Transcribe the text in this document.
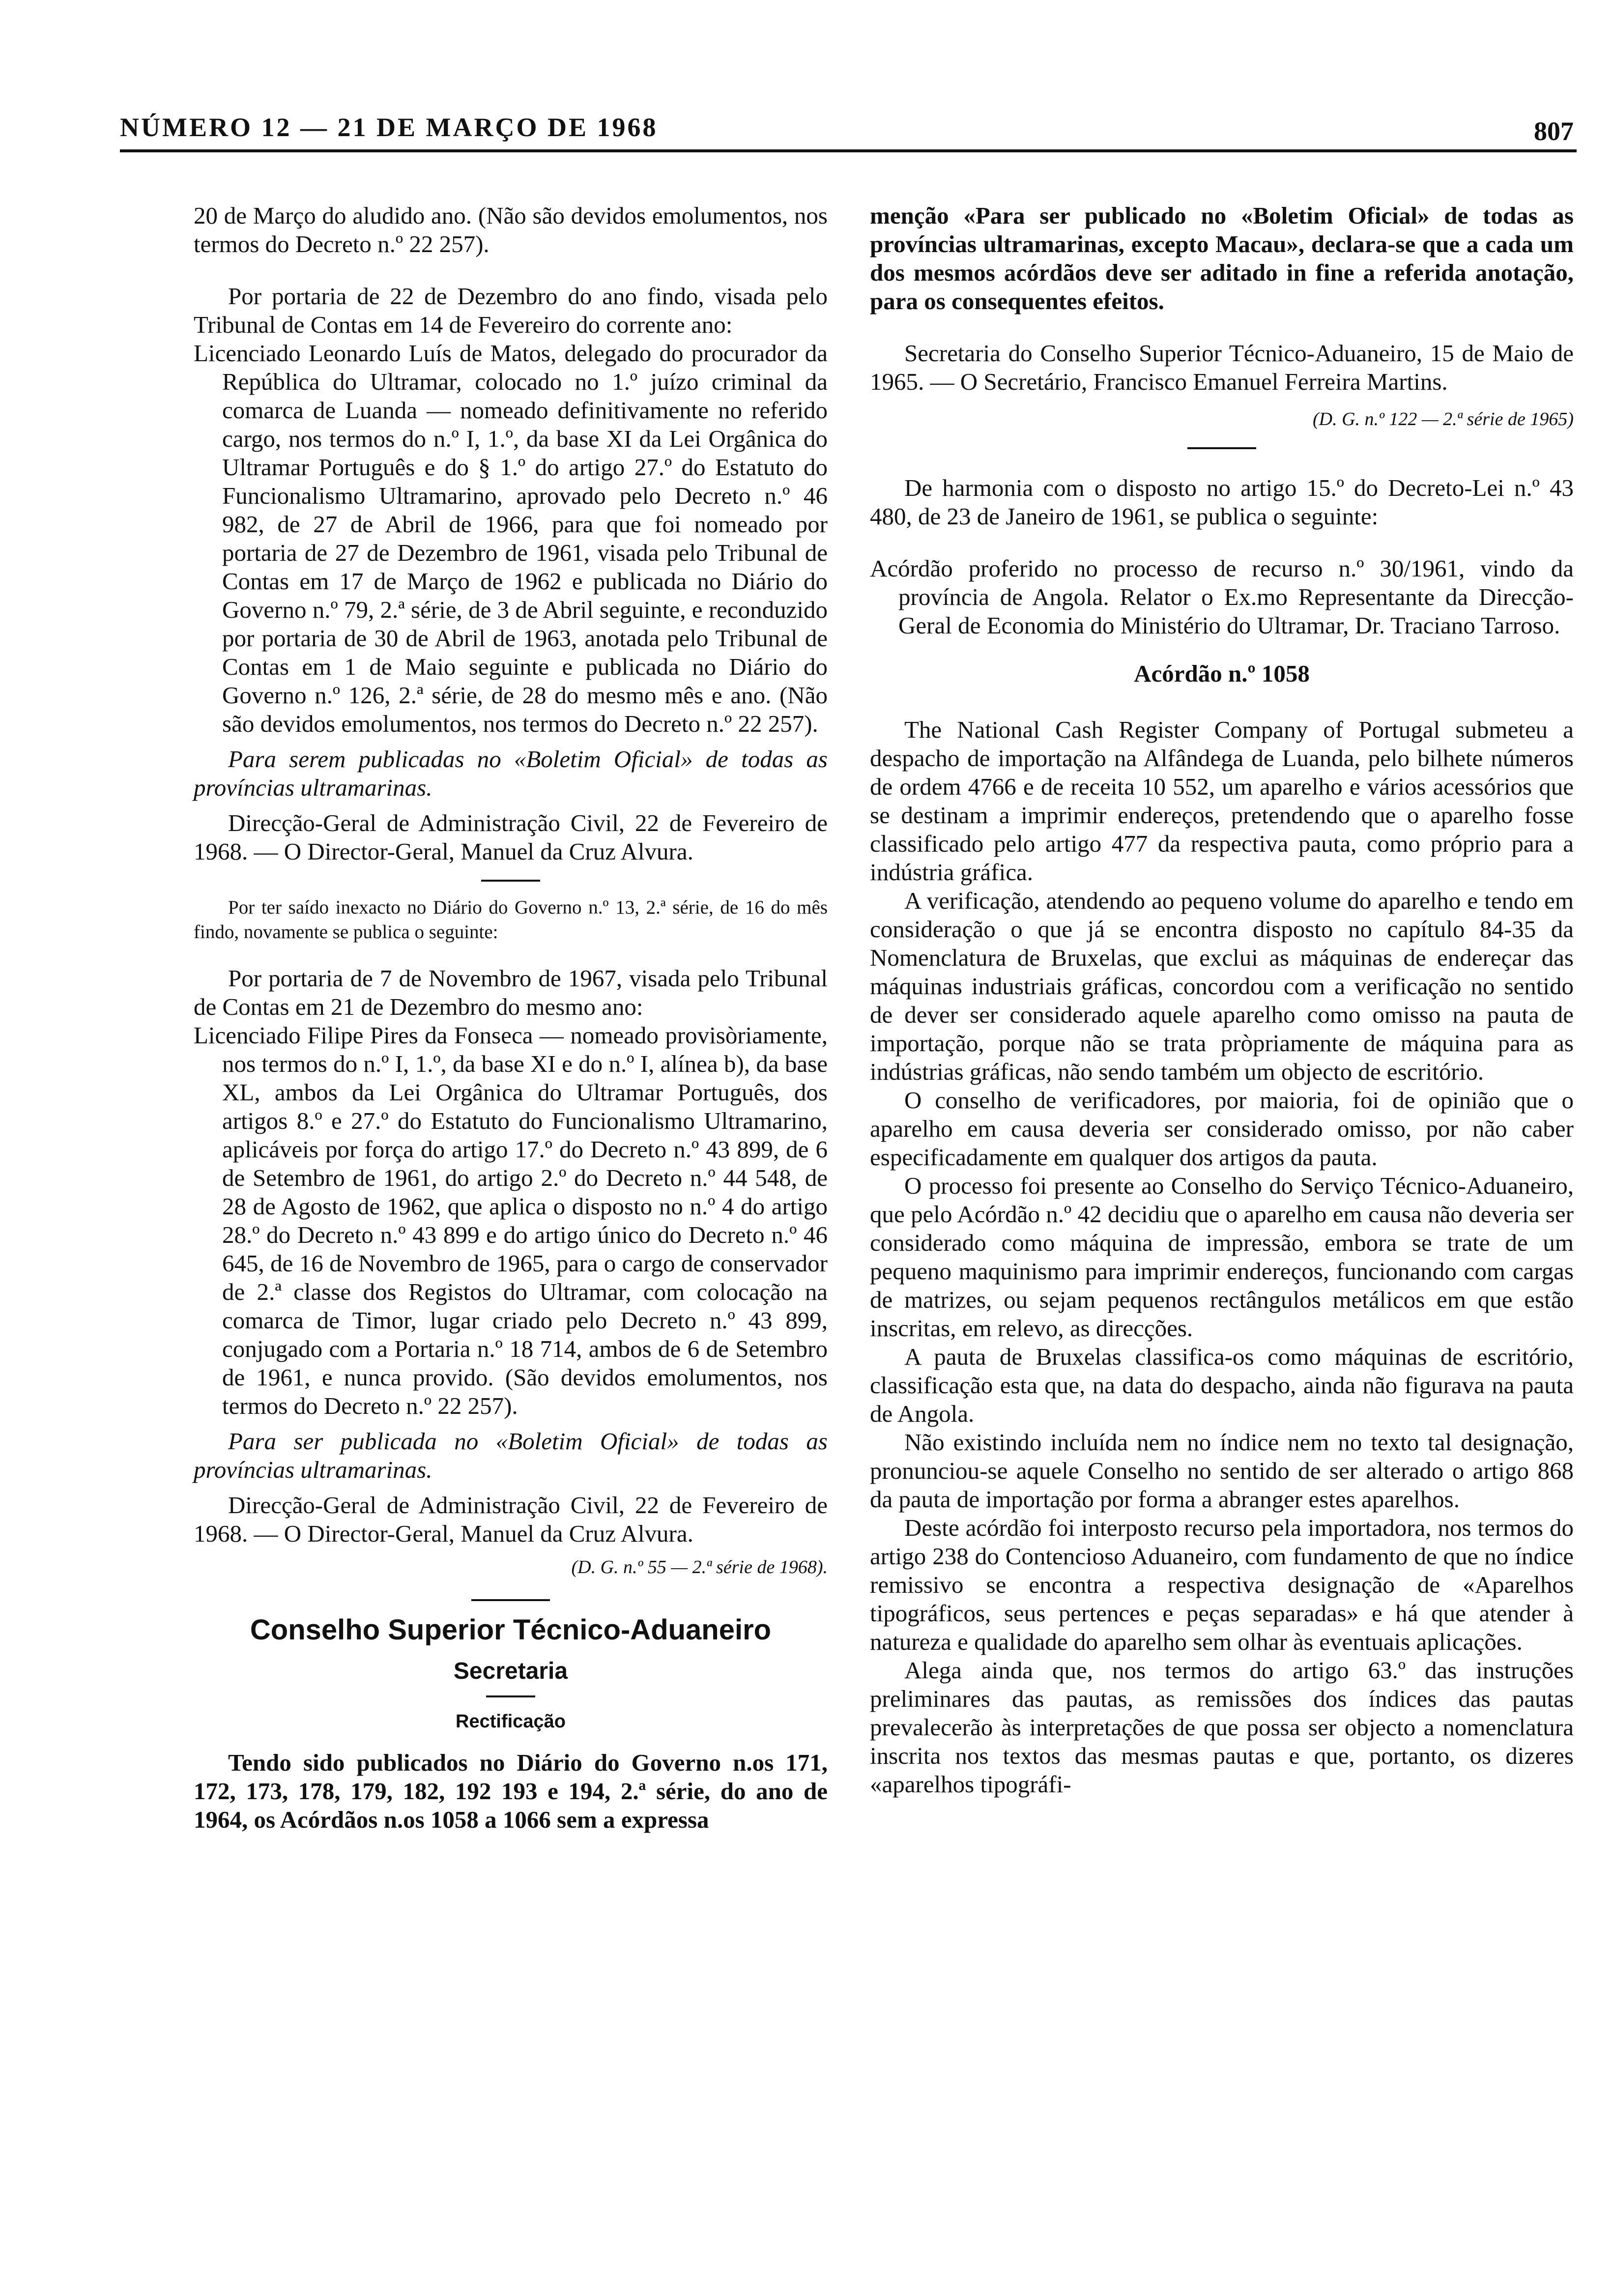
NÚMERO 12 — 21 DE MARÇO DE 1968	807

20 de Março do aludido ano. (Não são devidos emolumentos, nos termos do Decreto n.º 22 257).

Por portaria de 22 de Dezembro do ano findo, visada pelo Tribunal de Contas em 14 de Fevereiro do corrente ano:

Licenciado Leonardo Luís de Matos, delegado do procurador da República do Ultramar, colocado no 1.º juízo criminal da comarca de Luanda — nomeado definitivamente no referido cargo, nos termos do n.º I, 1.º, da base XI da Lei Orgânica do Ultramar Português e do § 1.º do artigo 27.º do Estatuto do Funcionalismo Ultramarino, aprovado pelo Decreto n.º 46 982, de 27 de Abril de 1966, para que foi nomeado por portaria de 27 de Dezembro de 1961, visada pelo Tribunal de Contas em 17 de Março de 1962 e publicada no Diário do Governo n.º 79, 2.ª série, de 3 de Abril seguinte, e reconduzido por portaria de 30 de Abril de 1963, anotada pelo Tribunal de Contas em 1 de Maio seguinte e publicada no Diário do Governo n.º 126, 2.ª série, de 28 do mesmo mês e ano. (Não são devidos emolumentos, nos termos do Decreto n.º 22 257).

Para serem publicadas no «Boletim Oficial» de todas as províncias ultramarinas.

Direcção-Geral de Administração Civil, 22 de Fevereiro de 1968. — O Director-Geral, Manuel da Cruz Alvura.

Por ter saído inexacto no Diário do Governo n.º 13, 2.ª série, de 16 do mês findo, novamente se publica o seguinte:

Por portaria de 7 de Novembro de 1967, visada pelo Tribunal de Contas em 21 de Dezembro do mesmo ano:

Licenciado Filipe Pires da Fonseca — nomeado provisòriamente, nos termos do n.º I, 1.º, da base XI e do n.º I, alínea b), da base XL, ambos da Lei Orgânica do Ultramar Português, dos artigos 8.º e 27.º do Estatuto do Funcionalismo Ultramarino, aplicáveis por força do artigo 17.º do Decreto n.º 43 899, de 6 de Setembro de 1961, do artigo 2.º do Decreto n.º 44 548, de 28 de Agosto de 1962, que aplica o disposto no n.º 4 do artigo 28.º do Decreto n.º 43 899 e do artigo único do Decreto n.º 46 645, de 16 de Novembro de 1965, para o cargo de conservador de 2.ª classe dos Registos do Ultramar, com colocação na comarca de Timor, lugar criado pelo Decreto n.º 43 899, conjugado com a Portaria n.º 18 714, ambos de 6 de Setembro de 1961, e nunca provido. (São devidos emolumentos, nos termos do Decreto n.º 22 257).

Para ser publicada no «Boletim Oficial» de todas as províncias ultramarinas.

Direcção-Geral de Administração Civil, 22 de Fevereiro de 1968. — O Director-Geral, Manuel da Cruz Alvura.

(D. G. n.º 55 — 2.ª série de 1968).

Conselho Superior Técnico-Aduaneiro

Secretaria

Rectificação

Tendo sido publicados no Diário do Governo n.os 171, 172, 173, 178, 179, 182, 192 193 e 194, 2.ª série, do ano de 1964, os Acórdãos n.os 1058 a 1066 sem a expressa

menção «Para ser publicado no «Boletim Oficial» de todas as províncias ultramarinas, excepto Macau», declara-se que a cada um dos mesmos acórdãos deve ser aditado in fine a referida anotação, para os consequentes efeitos.

Secretaria do Conselho Superior Técnico-Aduaneiro, 15 de Maio de 1965. — O Secretário, Francisco Emanuel Ferreira Martins.

(D. G. n.º 122 — 2.ª série de 1965)

De harmonia com o disposto no artigo 15.º do Decreto-Lei n.º 43 480, de 23 de Janeiro de 1961, se publica o seguinte:

Acórdão proferido no processo de recurso n.º 30/1961, vindo da província de Angola. Relator o Ex.mo Representante da Direcção-Geral de Economia do Ministério do Ultramar, Dr. Traciano Tarroso.

Acórdão n.º 1058

The National Cash Register Company of Portugal submeteu a despacho de importação na Alfândega de Luanda, pelo bilhete números de ordem 4766 e de receita 10 552, um aparelho e vários acessórios que se destinam a imprimir endereços, pretendendo que o aparelho fosse classificado pelo artigo 477 da respectiva pauta, como próprio para a indústria gráfica.

A verificação, atendendo ao pequeno volume do aparelho e tendo em consideração o que já se encontra disposto no capítulo 84-35 da Nomenclatura de Bruxelas, que exclui as máquinas de endereçar das máquinas industriais gráficas, concordou com a verificação no sentido de dever ser considerado aquele aparelho como omisso na pauta de importação, porque não se trata pròpriamente de máquina para as indústrias gráficas, não sendo também um objecto de escritório.

O conselho de verificadores, por maioria, foi de opinião que o aparelho em causa deveria ser considerado omisso, por não caber especificadamente em qualquer dos artigos da pauta.

O processo foi presente ao Conselho do Serviço Técnico-Aduaneiro, que pelo Acórdão n.º 42 decidiu que o aparelho em causa não deveria ser considerado como máquina de impressão, embora se trate de um pequeno maquinismo para imprimir endereços, funcionando com cargas de matrizes, ou sejam pequenos rectângulos metálicos em que estão inscritas, em relevo, as direcções.

A pauta de Bruxelas classifica-os como máquinas de escritório, classificação esta que, na data do despacho, ainda não figurava na pauta de Angola.

Não existindo incluída nem no índice nem no texto tal designação, pronunciou-se aquele Conselho no sentido de ser alterado o artigo 868 da pauta de importação por forma a abranger estes aparelhos.

Deste acórdão foi interposto recurso pela importadora, nos termos do artigo 238 do Contencioso Aduaneiro, com fundamento de que no índice remissivo se encontra a respectiva designação de «Aparelhos tipográficos, seus pertences e peças separadas» e há que atender à natureza e qualidade do aparelho sem olhar às eventuais aplicações.

Alega ainda que, nos termos do artigo 63.º das instruções preliminares das pautas, as remissões dos índices das pautas prevalecerão às interpretações de que possa ser objecto a nomenclatura inscrita nos textos das mesmas pautas e que, portanto, os dizeres «aparelhos tipográfi-
